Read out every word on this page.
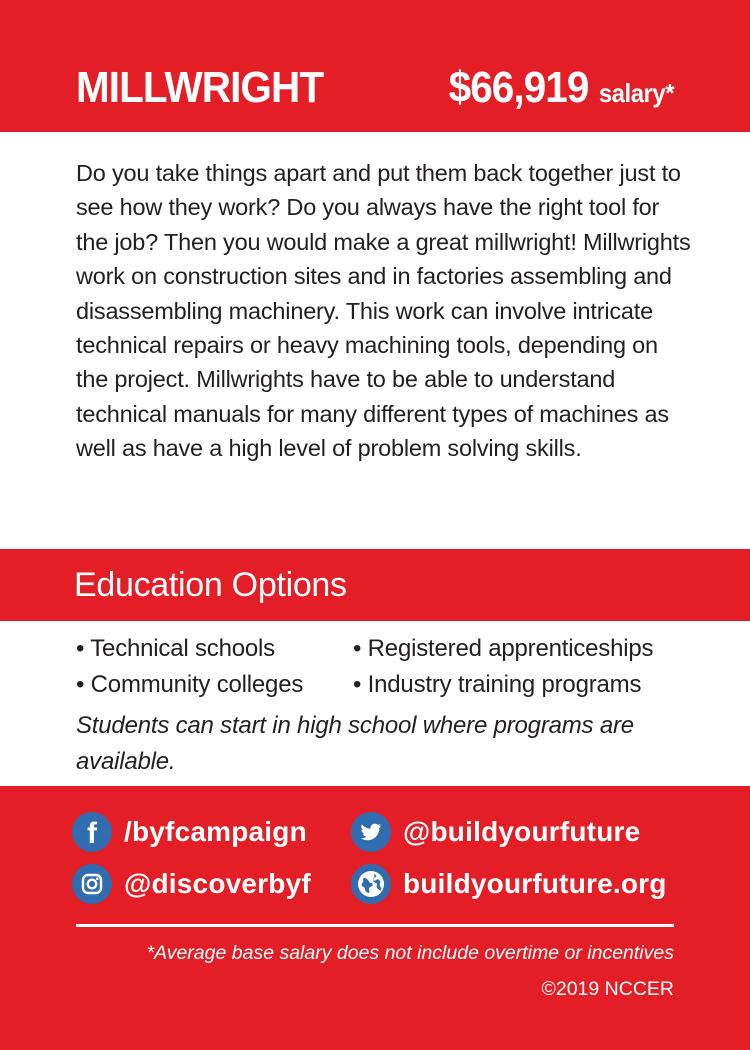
MILLWRIGHT	$66,919 salary*

Do you take things apart and put them back together just to see how they work? Do you always have the right tool for the job? Then you would make a great millwright! Millwrights work on construction sites and in factories assembling and disassembling machinery. This work can involve intricate technical repairs or heavy machining tools, depending on the project. Millwrights have to be able to understand technical manuals for many different types of machines as well as have a high level of problem solving skills.

Education Options
• Technical schools
• Community colleges
• Registered apprenticeships
• Industry training programs

Students can start in high school where programs are available.

f /byfcampaign	@buildyourfuture
@discoverbyf	buildyourfuture.org
*Average base salary does not include overtime or incentives
©2019 NCCER
